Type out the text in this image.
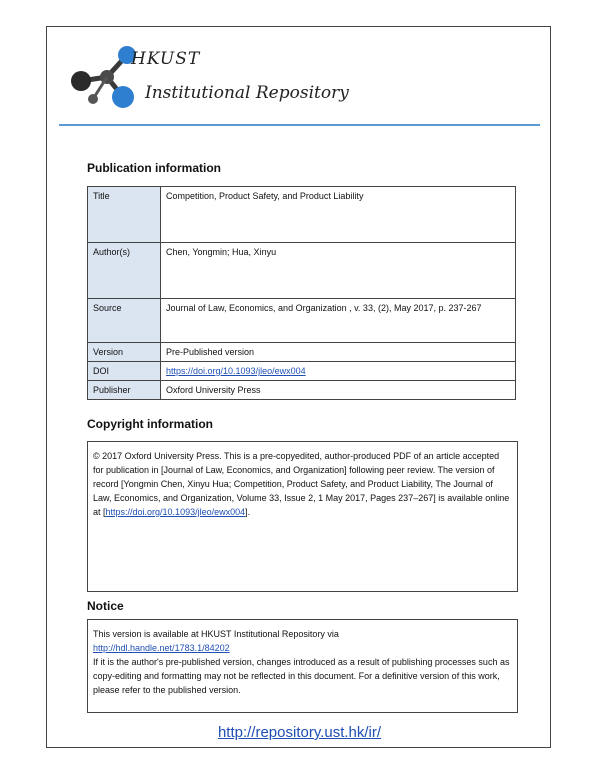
HKUST
Institutional Repository
Publication information
Title	Competition, Product Safety, and Product Liability
Author(s)	Chen, Yongmin; Hua, Xinyu
Source	Journal of Law, Economics, and Organization , v. 33, (2), May 2017, p. 237-267
Version	Pre-Published version
DOI	https://doi.org/10.1093/jleo/ewx004
Publisher	Oxford University Press
Copyright information
© 2017 Oxford University Press. This is a pre-copyedited, author-produced PDF of an article accepted for publication in [Journal of Law, Economics, and Organization] following peer review. The version of record [Yongmin Chen, Xinyu Hua; Competition, Product Safety, and Product Liability, The Journal of Law, Economics, and Organization, Volume 33, Issue 2, 1 May 2017, Pages 237–267] is available online at [https://doi.org/10.1093/jleo/ewx004].
Notice
This version is available at HKUST Institutional Repository via
http://hdl.handle.net/1783.1/84202
If it is the author's pre-published version, changes introduced as a result of publishing processes such as copy-editing and formatting may not be reflected in this document. For a definitive version of this work, please refer to the published version.
http://repository.ust.hk/ir/
